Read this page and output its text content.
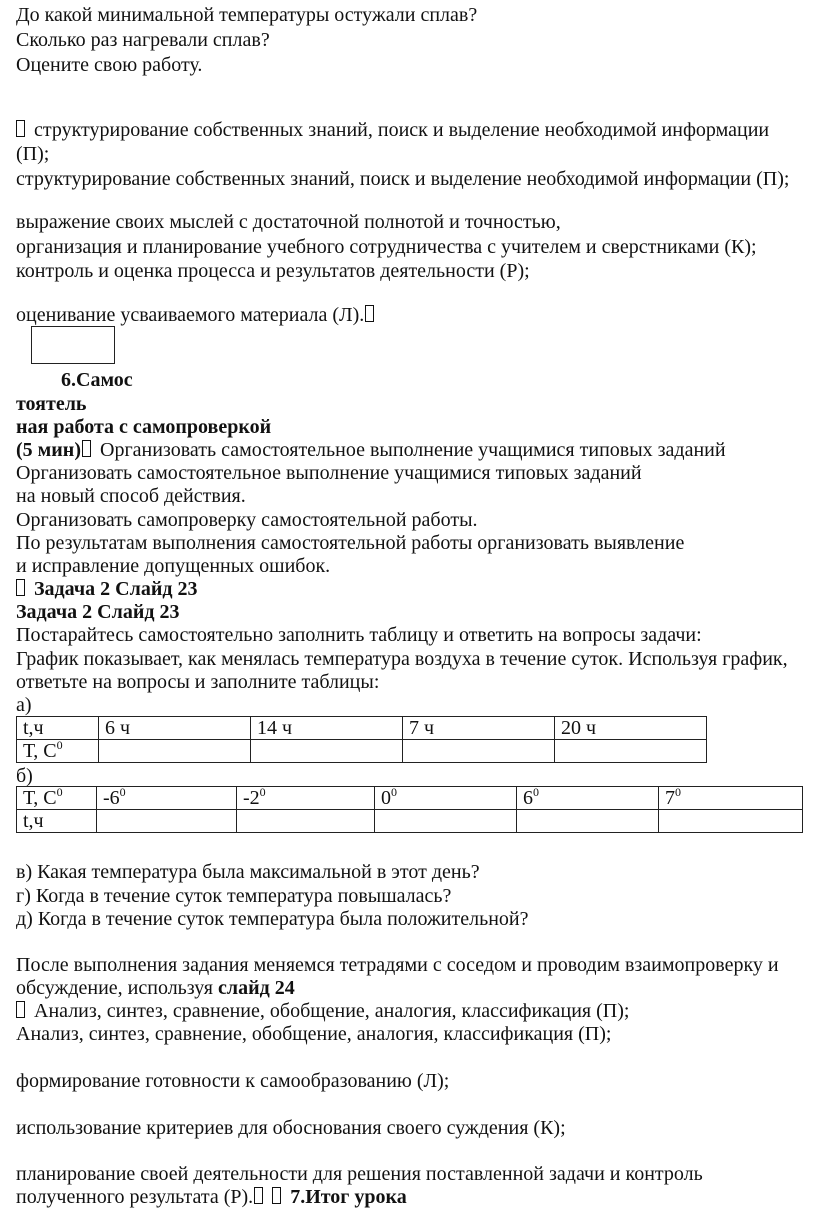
До какой минимальной температуры остужали сплав?
Сколько раз нагревали сплав?
Оцените свою работу.
структурирование собственных знаний, поиск и выделение необходимой информации
(П);
структурирование собственных знаний, поиск и выделение необходимой информации (П);
выражение своих мыслей с достаточной полнотой и точностью,
организация и планирование учебного сотрудничества с учителем и сверстниками (К);
контроль и оценка процесса и результатов деятельности (Р);
оценивание усваиваемого материала (Л).
6.Самос
тоятель
ная работа с самопроверкой
(5 мин) Организовать самостоятельное выполнение учащимися типовых заданий
Организовать самостоятельное выполнение учащимися типовых заданий
на новый способ действия.
Организовать самопроверку самостоятельной работы.
По результатам выполнения самостоятельной работы организовать выявление
и исправление допущенных ошибок.
Задача 2 Слайд 23
Задача 2 Слайд 23
Постарайтесь самостоятельно заполнить таблицу и ответить на вопросы задачи:
График показывает, как менялась температура воздуха в течение суток. Используя график,
ответьте на вопросы и заполните таблицы:
а)
t,ч	6 ч	14 ч	7 ч	20 ч
Т, $С^0$				
б)
Т, $С^0$	$-6^0$	$-2^0$	$0^0$	$6^0$	$7^0$
t,ч					
в) Какая температура была максимальной в этот день?
г) Когда в течение суток температура повышалась?
д) Когда в течение суток температура была положительной?
После выполнения задания меняемся тетрадями с соседом и проводим взаимопроверку и
обсуждение, используя слайд 24
Анализ, синтез, сравнение, обобщение, аналогия, классификация (П);
Анализ, синтез, сравнение, обобщение, аналогия, классификация (П);
формирование готовности к самообразованию (Л);
использование критериев для обоснования своего суждения (К);
планирование своей деятельности для решения поставленной задачи и контроль
полученного результата (Р). 7.Итог урока
